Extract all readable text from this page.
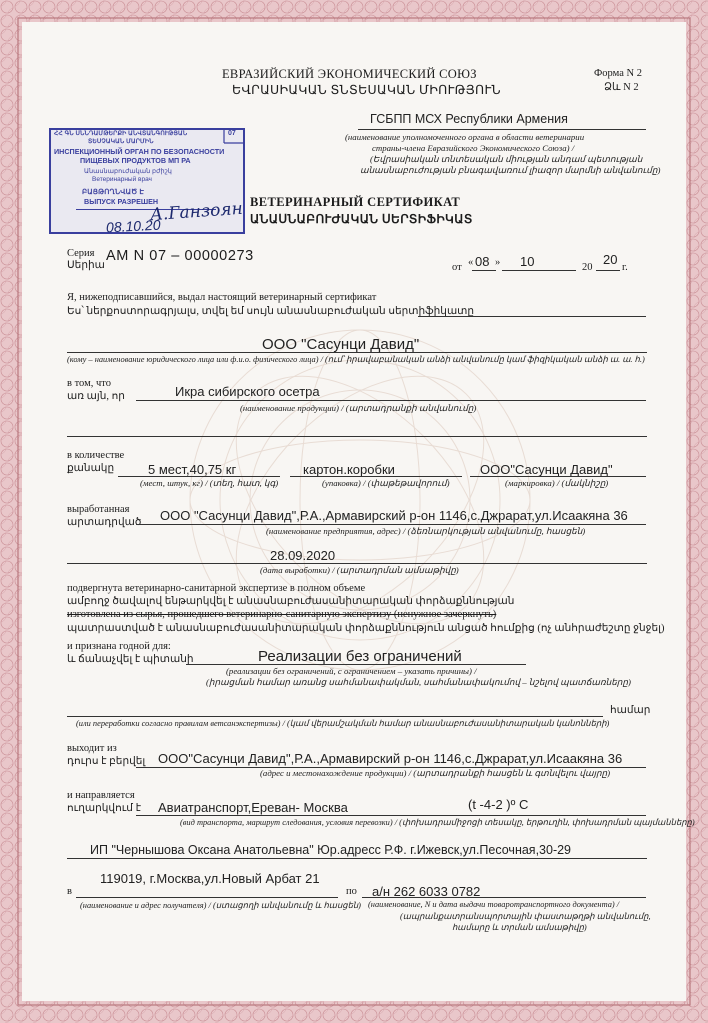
ЕВРАЗИЙСКИЙ ЭКОНОМИЧЕСКИЙ СОЮЗ
ԵՎՐԱՍԻԱԿԱՆ ՏՆՏԵՍԱԿԱՆ ՄԻՈՒԹՅՈՒՆ
Форма N 2
Ձև N 2
ГСБПП МСХ Республики Армения
(наименование уполномоченного органа в области ветеринарии
страны-члена Евразийского Экономического Союза) /
(Եվրասիական տնտեսական միության անդամ պետության
անասնաբուժության բնագավառում լիազոր մարմնի անվանումը)
ՀՀ ԳՆ ՍՆՆԴԱՄԹԵՐՔԻ ԱՆՎՏԱՆԳՈՒԹՅԱՆ
ՏԵՍՉԱԿԱՆ ՄԱՐՄԻՆ
07
ИНСПЕКЦИОННЫЙ ОРГАН ПО БЕЗОПАСНОСТИ
ПИЩЕВЫХ ПРОДУКТОВ МП РА
Անասնաբուժական բժիշկ
Ветеринарный врач
ԲԱՑԹՈՂՆՎԱԾ Է
ВЫПУСК РАЗРЕШЕН
А.Ганзоян
08.10.20
ВЕТЕРИНАРНЫЙ СЕРТИФИКАТ
ԱՆԱՍՆԱԲՈՒԺԱԿԱՆ ՍԵՐՏԻՖԻԿԱՏ
Серия
Սերիա
AM N 07 – 00000273
от « 08 » 10	20
20
г.
Я, нижеподписавшийся, выдал настоящий ветеринарный сертификат
Ես՝ ներքոստորագրյալս, տվել եմ սույն անասնաբուժական սերտիֆիկատը
ООО "Сасунци Давид"
(кому – наименование юридического лица или ф.и.о. физического лица) / (ում՝ իրավաբանական անձի անվանումը կամ ֆիզիկական անձի ա. ա. հ.)
в том, что
առ այն, որ	Икра сибирского осетра
(наименование продукции) / (արտադրանքի անվանումը)
в количестве
քանակը	5 мест,40,75 кг	картон.коробки	ООО"Сасунци Давид"
(мест, штук, кг) / (տեղ, հատ, կգ)	(упаковка) / (փաթեթավորում)	(маркировка) / (մակնիշը)
выработанная
արտադրված ООО "Сасунци Давид",Р.А.,Армавирский р-он 1146,с.Джрарат,ул.Исаакяна 36
(наименование предприятия, адрес) / (ձեռնարկության անվանումը, հասցեն)
28.09.2020
(дата выработки) / (արտադրման ամսաթիվը)
подвергнута ветеринарно-санитарной экспертизе в полном объеме
ամբողջ ծավալով ենթարկվել է անասնաբուժասանիտարական փորձաքննության
изготовлена из сырья, прошедшего ветеринарно-санитарную экспертизу (ненужное зачеркнуть)
պատրաստված է անասնաբուժասանիտարական փորձաքննություն անցած հումքից (ոչ անհրաժեշտը ջնջել)
и признана годной для:
և ճանաչվել է պիտանի	Реализации без ограничений
(реализации без ограничений, с ограничением – указать причины) /
(իրացման համար առանց սահմանափակման, սահմանափակումով – նշելով պատճառները)
համար
(или переработки согласно правилам ветсанэкспертизы) / (կամ վերամշակման համար անասնաբուժասանիտարական կանոնների)
выходит из
դուրս է բերվել ООО"Сасунци Давид",Р.А.,Армавирский р-он 1146,с.Джрарат,ул.Исаакяна 36
(адрес и местонахождение продукции) / (արտադրանքի հասցեն և գտնվելու վայրը)
и направляется
ուղարկվում է Авиатранспорт,Ереван- Москва	(t -4-2 )º C
(вид транспорта, маршрут следования, условия перевозки) / (փոխադրամիջոցի տեսակը, երթուղին, փոխադրման պայմանները)
ИП "Чернышова Оксана Анатольевна" Юр.адресс Р.Ф. г.Ижевск,ул.Песочная,30-29
119019, г.Москва,ул.Новый Арбат 21
в	по а/н 262 6033 0782
(наименование и адрес получателя) / (ստացողի անվանումը և հասցեն) (наименование, N и дата выдачи товаротранспортного документа) /
(ապրանքատրանսպորտային փաստաթղթի անվանումը,
համարը և տրման ամսաթիվը)
